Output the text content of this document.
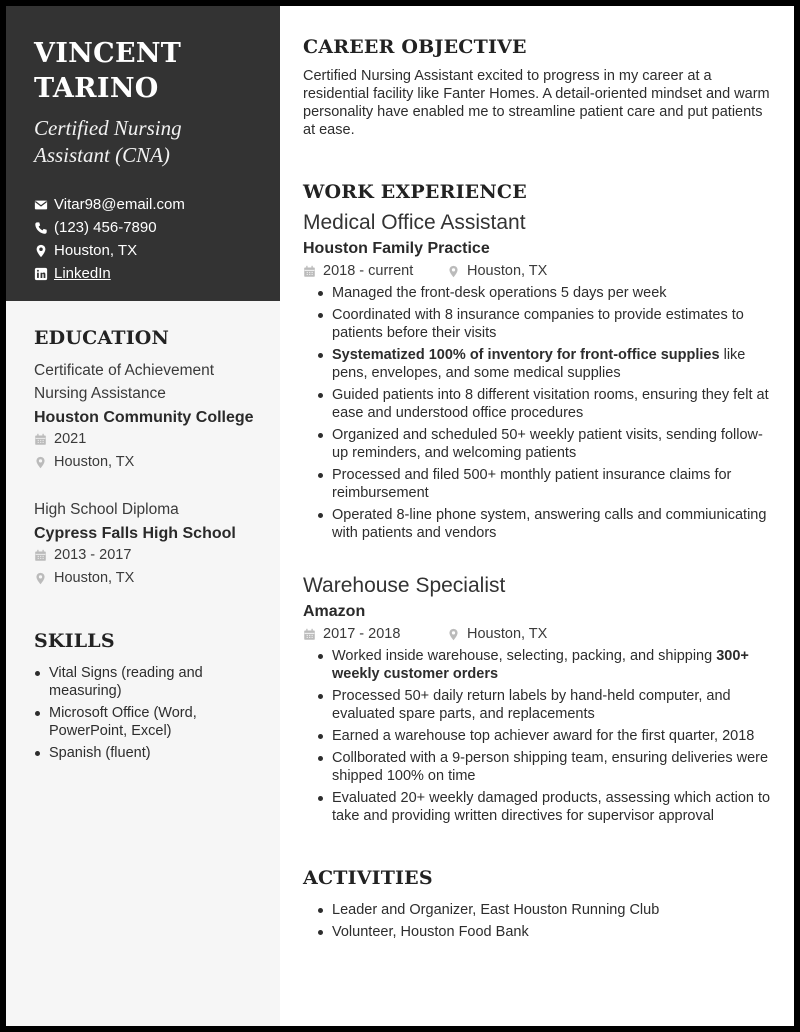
VINCENT
TARINO
Certified Nursing
Assistant (CNA)
Vitar98@email.com
(123) 456-7890
Houston, TX
LinkedIn
EDUCATION
Certificate of Achievement
Nursing Assistance
Houston Community College
2021
Houston, TX
High School Diploma
Cypress Falls High School
2013 - 2017
Houston, TX
SKILLS
Vital Signs (reading and measuring)
Microsoft Office (Word, PowerPoint, Excel)
Spanish (fluent)
CAREER OBJECTIVE

Certified Nursing Assistant excited to progress in my career at a residential facility like Fanter Homes. A detail-oriented mindset and warm personality have enabled me to streamline patient care and put patients at ease.

WORK EXPERIENCE
Medical Office Assistant
Houston Family Practice
2018 - current	Houston, TX
Managed the front-desk operations 5 days per week
Coordinated with 8 insurance companies to provide estimates to patients before their visits
Systematized 100% of inventory for front-office supplies like pens, envelopes, and some medical supplies
Guided patients into 8 different visitation rooms, ensuring they felt at ease and understood office procedures
Organized and scheduled 50+ weekly patient visits, sending follow-up reminders, and welcoming patients
Processed and filed 500+ monthly patient insurance claims for reimbursement
Operated 8-line phone system, answering calls and commiunicating with patients and vendors
Warehouse Specialist
Amazon
2017 - 2018	Houston, TX
Worked inside warehouse, selecting, packing, and shipping 300+ weekly customer orders
Processed 50+ daily return labels by hand-held computer, and evaluated spare parts, and replacements
Earned a warehouse top achiever award for the first quarter, 2018
Collborated with a 9-person shipping team, ensuring deliveries were shipped 100% on time
Evaluated 20+ weekly damaged products, assessing which action to take and providing written directives for supervisor approval
ACTIVITIES
Leader and Organizer, East Houston Running Club
Volunteer, Houston Food Bank
